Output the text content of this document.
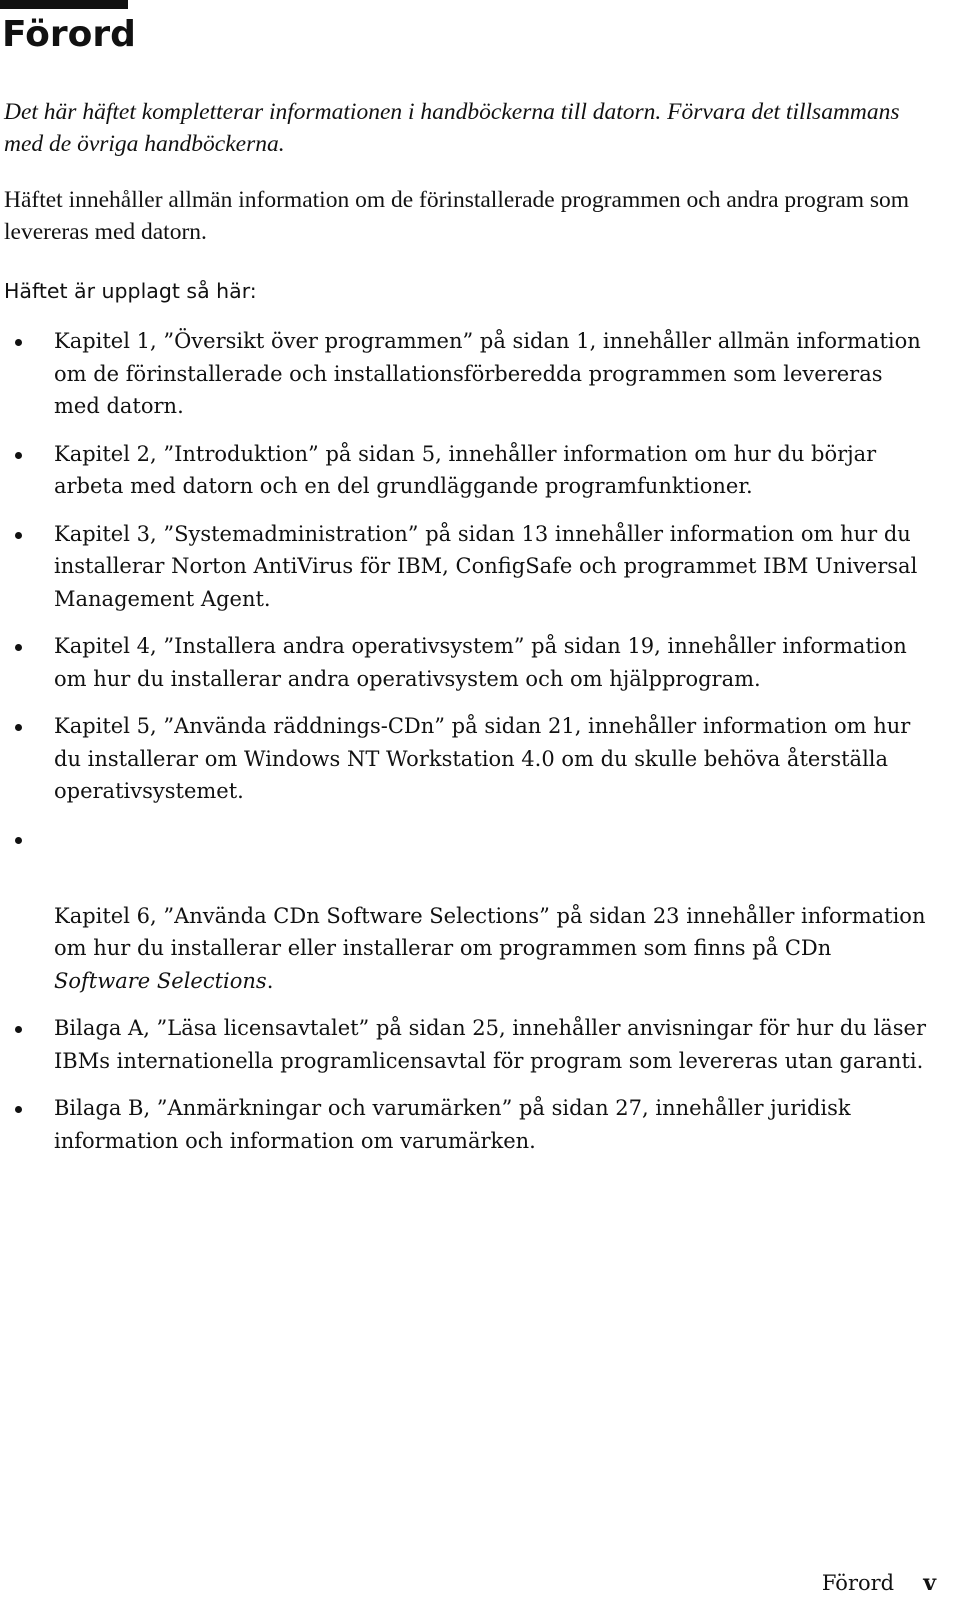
Förord

Det här häftet kompletterar informationen i handböckerna till datorn. Förvara det tillsammans med de övriga handböckerna.

Häftet innehåller allmän information om de förinstallerade programmen och andra program som levereras med datorn.

Häftet är upplagt så här:

Kapitel 1, ”Översikt över programmen” på sidan 1, innehåller allmän information om de förinstallerade och installationsförberedda programmen som levereras med datorn.
Kapitel 2, ”Introduktion” på sidan 5, innehåller information om hur du börjar arbeta med datorn och en del grundläggande programfunktioner.
Kapitel 3, ”Systemadministration” på sidan 13 innehåller information om hur du installerar Norton AntiVirus för IBM, ConfigSafe och programmet IBM Universal Management Agent.
Kapitel 4, ”Installera andra operativsystem” på sidan 19, innehåller information om hur du installerar andra operativsystem och om hjälpprogram.
Kapitel 5, ”Använda räddnings-CDn” på sidan 21, innehåller information om hur du installerar om Windows NT Workstation 4.0 om du skulle behöva återställa operativsystemet.
Kapitel 6, ”Använda CDn Software Selections” på sidan 23 innehåller information om hur du installerar eller installerar om programmen som finns på CDn Software Selections.
Bilaga A, ”Läsa licensavtalet” på sidan 25, innehåller anvisningar för hur du läser IBMs internationella programlicensavtal för program som levereras utan garanti.
Bilaga B, ”Anmärkningar och varumärken” på sidan 27, innehåller juridisk information och information om varumärken.
Förord v
